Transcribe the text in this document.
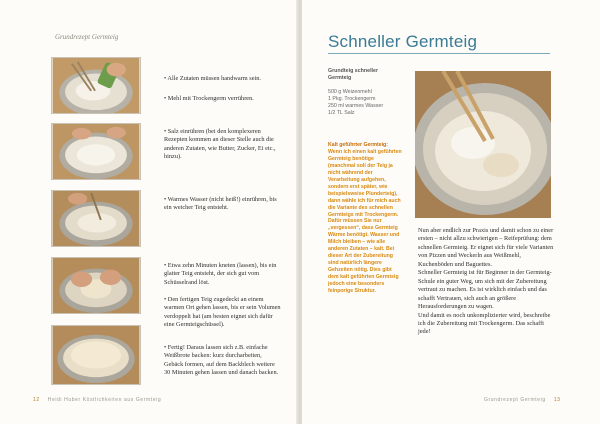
Grundrezept Germteig
• Alle Zutaten müssen handwarm sein.
• Mehl mit Trockengerm verrühren.
• Salz einrühren (bei den komplexeren Rezepten kommen an dieser Stelle auch die anderen Zutaten, wie Butter, Zucker, Ei etc., hinzu).
• Warmes Wasser (nicht heiß!) einrühren, bis ein weicher Teig entsteht.
• Etwa zehn Minuten kneten (lassen), bis ein glatter Teig entsteht, der sich gut vom Schüsselrand löst.
• Den fertigen Teig zugedeckt an einem warmen Ort gehen lassen, bis er sein Volumen verdoppelt hat (am besten eignet sich dafür eine Germteigschüssel).
• Fertig! Daraus lassen sich z.B. einfache Weißbrote backen: kurz durcharbeiten, Gebäck formen, auf dem Backblech weitere 30 Minuten gehen lassen und danach backen.
12 Heidi Huber Köstlichkeiten aus Germteig
Schneller Germteig
Grundteig schneller Germteig
500 g Weizenmehl
1 Pkg. Trockengerm
250 ml warmes Wasser
1/2 TL Salz
Kalt geführter Germteig: Wenn ich einen kalt geführten Germteig benötige (manchmal soll der Teig ja nicht während der Verarbeitung aufgehen, sondern erst später, wie beispielsweise Plunderteig), dann wähle ich für mich auch die Variante des schnellen Germteigs mit Trockengerm. Dafür müssen Sie nur „vergessen“, dass Germteig Wärme benötigt. Wasser und Milch bleiben – wie alle anderen Zutaten – kalt. Bei dieser Art der Zubereitung sind natürlich längere Gehzeiten nötig. Dies gibt dem kalt geführten Germteig jedoch eine besonders feinporige Struktur.

Nun aber endlich zur Praxis und damit schon zu einer ersten – nicht allzu schwierigen – Reifeprüfung: dem schnellen Germteig. Er eignet sich für viele Varianten von Pizzen und Weckerln aus Weißmehl, Kuchenböden und Baguettes.

Schneller Germteig ist für Beginner in der Germteig-Schule ein guter Weg, um sich mit der Zubereitung vertraut zu machen. Es ist wirklich einfach und das schafft Vertrauen, sich auch an größere Herausforderungen zu wagen.

Und damit es noch unkomplizierter wird, beschreibe ich die Zubereitung mit Trockengerm. Das schafft jede!

Grundrezept Germteig 13
